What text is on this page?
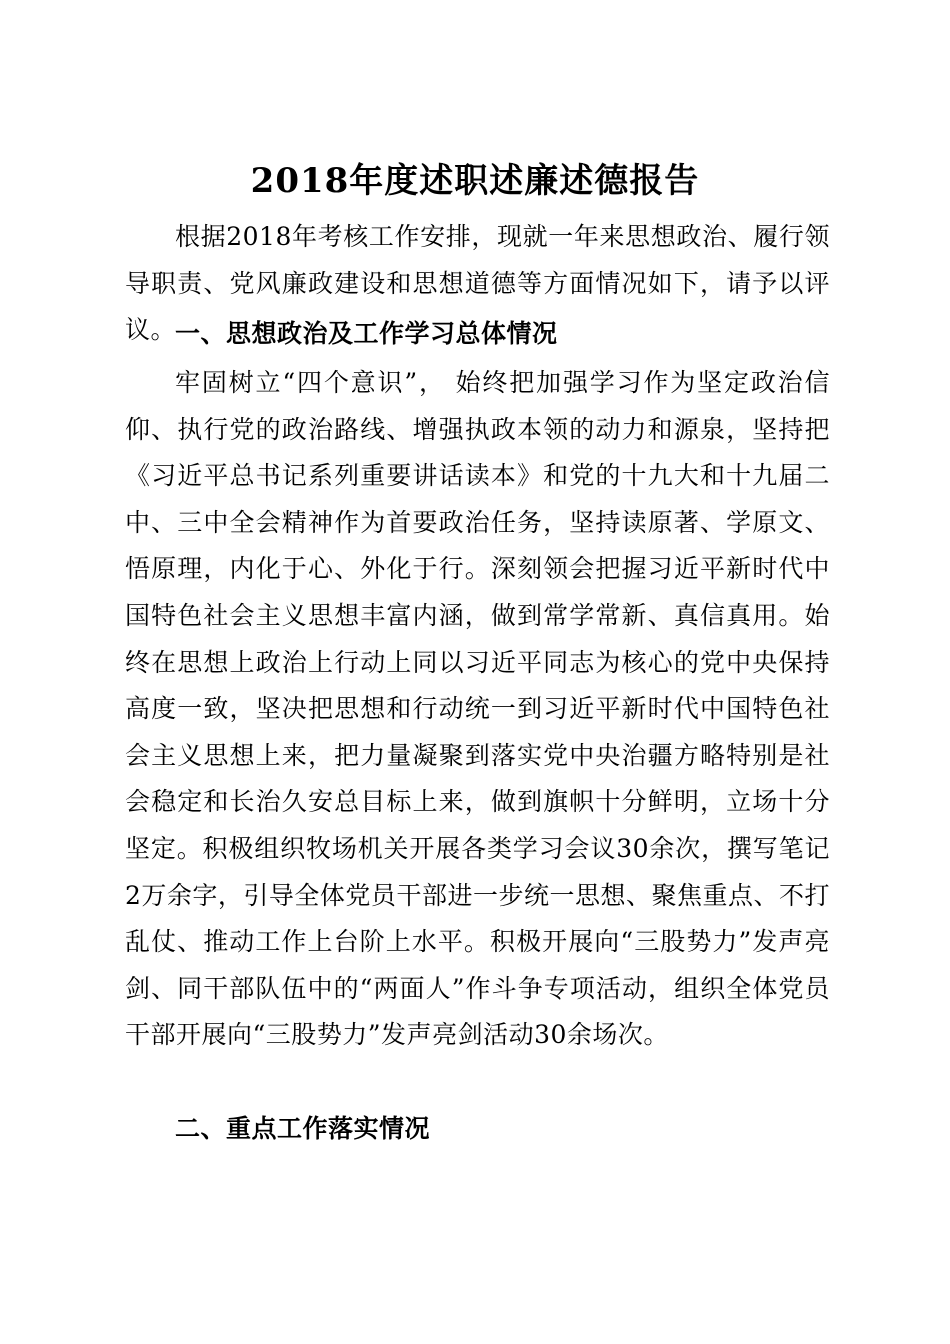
2018年度述职述廉述德报告

根据2018年考核工作安排，现就一年来思想政治、履行领导职责、党风廉政建设和思想道德等方面情况如下，请予以评议。

一、思想政治及工作学习总体情况

牢固树立“四个意识”， 始终把加强学习作为坚定政治信仰、执行党的政治路线、增强执政本领的动力和源泉，坚持把《习近平总书记系列重要讲话读本》和党的十九大和十九届二中、三中全会精神作为首要政治任务，坚持读原著、学原文、悟原理，内化于心、外化于行。深刻领会把握习近平新时代中国特色社会主义思想丰富内涵，做到常学常新、真信真用。始终在思想上政治上行动上同以习近平同志为核心的党中央保持高度一致，坚决把思想和行动统一到习近平新时代中国特色社会主义思想上来，把力量凝聚到落实党中央治疆方略特别是社会稳定和长治久安总目标上来，做到旗帜十分鲜明，立场十分坚定。积极组织牧场机关开展各类学习会议30余次，撰写笔记2万余字，引导全体党员干部进一步统一思想、聚焦重点、不打乱仗、推动工作上台阶上水平。积极开展向“三股势力”发声亮剑、同干部队伍中的“两面人”作斗争专项活动，组织全体党员干部开展向“三股势力”发声亮剑活动30余场次。

二、重点工作落实情况
